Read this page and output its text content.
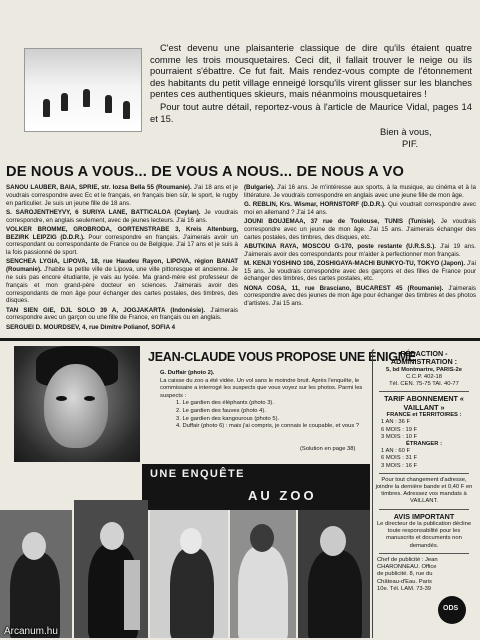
C'est devenu une plaisanterie classique de dire qu'ils étaient quatre comme les trois mousquetaires. Ceci dit, il fallait trouver le neige ou ils pourraient s'ébattre. Ce fut fait. Mais rendez-vous compte de l'étonnement des habitants du petit village enneigé lorsqu'ils virent glisser sur les blanches pentes ces authentiques skieurs, mais néanmoins mousquetaires !

Pour tout autre détail, reportez-vous à l'article de Maurice Vidal, pages 14 et 15.

Bien à vous,
PIF.
DE NOUS A VOUS... DE VOUS A NOUS... DE NOUS A VO

SANOU LAUBER, BAIA, SPRIE, str. Iozsa Bella 55 (Roumanie). J'ai 18 ans et je voudrais correspondre avec Ec et le français, en français bien sûr, le sport, le rugby en particulier. Je suis un jeune fille de 18 ans.

S. SAROJENTHEYVY, 6 SURIYA LANE, BATTICALOA (Ceylan). Je voudrais correspondre, en anglais seulement, avec de jeunes lecteurs. J'ai 16 ans.

VOLKER BROMME, GROBRODA, GORTENSTRABE 3, Kreis Altenburg, BEZIRK LEIPZIG (D.D.R.). Pour correspondre en français. J'aimerais avoir un correspondant ou correspondante de France ou de Belgique. J'ai 17 ans et je suis à la fois passionné de sport.

SENCHEA LYGIA, LIPOVA, 18, rue Haudeu Rayon, LIPOVA, région BANAT (Roumanie). J'habite la petite ville de Lipova, une ville pittoresque et ancienne. Je ne suis pas encore étudiante, je vais au lycée. Ma grand-mère est professeur de français et mon grand-père docteur en sciences. J'aimerais avoir des correspondants de mon âge pour échanger des cartes postales, des timbres, des disques.

TAN SIEN GIE, DJL SOLO 39 A, JOGJAKARTA (Indonésie). J'aimerais correspondre avec un garçon ou une fille de France, en français ou en anglais.

SERGUEI D. MOURDSEV, 4, rue Dimitre Polianof, SOFIA 4

(Bulgarie). J'ai 16 ans. Je m'intéresse aux sports, à la musique, au cinéma et à la littérature. Je voudrais correspondre en anglais avec une jeune fille de mon âge.

G. REBLIN, Krs. Wismar, HORNSTORF (D.D.R.). Qui voudrait correspondre avec moi en allemand ? J'ai 14 ans.

JOUNI BOUJEMAA, 37 rue de Toulouse, TUNIS (Tunisie). Je voudrais correspondre avec un jeune de mon âge. J'ai 15 ans. J'aimerais échanger des cartes postales, des timbres, des disques, etc.

ABUTKINA RAYA, MOSCOU G-170, poste restante (U.R.S.S.). J'ai 19 ans. J'aimerais avoir des correspondants pour m'aider à perfectionner mon français.

M. KENJI YOSHINO 106, ZOSHIGAYA-MACHI BUNKYO-TU, TOKYO (Japon). J'ai 15 ans. Je voudrais correspondre avec des garçons et des filles de France pour échanger des timbres, des cartes postales, etc.

NONA COSA, 11, rue Brasciano, BUCAREST 45 (Roumanie). J'aimerais correspondre avec des jeunes de mon âge pour échanger des timbres et des photos d'artistes. J'ai 15 ans.

JEAN-CLAUDE VOUS PROPOSE UNE ÉNIGME
G. Duffair (photo 2).
La caisse du zoo a été vidée. Un vol sans le moindre bruit. Après l'enquête, le commissaire a interrogé les suspects que vous voyez sur les photos. Parmi les suspects :
1. Le gardien des éléphants (photo 3).
2. Le gardien des fauves (photo 4).
3. Le gardien des kangourous (photo 5).
4. Duffair (photo 6) : mais j'ai compris, je connais le coupable, et vous ?
(Solution en page 38)
RÉDACTION - ADMINISTRATION :
5, bd Montmartre, PARIS-2e
C.C.P. 402-18
Tél. CEN. 75-75 TAI. 40-77
TARIF ABONNEMENT « VAILLANT »
FRANCE et TERRITOIRES :
1 AN : 36 F
6 MOIS : 19 F
3 MOIS : 10 F
ÉTRANGER :
1 AN : 60 F
6 MOIS : 31 F
3 MOIS : 16 F
Pour tout changement d'adresse, joindre la dernière bande et 0,40 F en timbres. Adressez vos mandats à VAILLANT.
AVIS IMPORTANT
Le directeur de la publication décline toute responsabilité pour les manuscrits et documents non demandés.
Chef de publicité : Jean CHARONNEAU. Office de publicité. 8, rue du Château-d'Eau. Paris 10e. Tél. LAM. 73-39
ODS
UNE ENQUÊTE
AU ZOO
Arcanum.hu
